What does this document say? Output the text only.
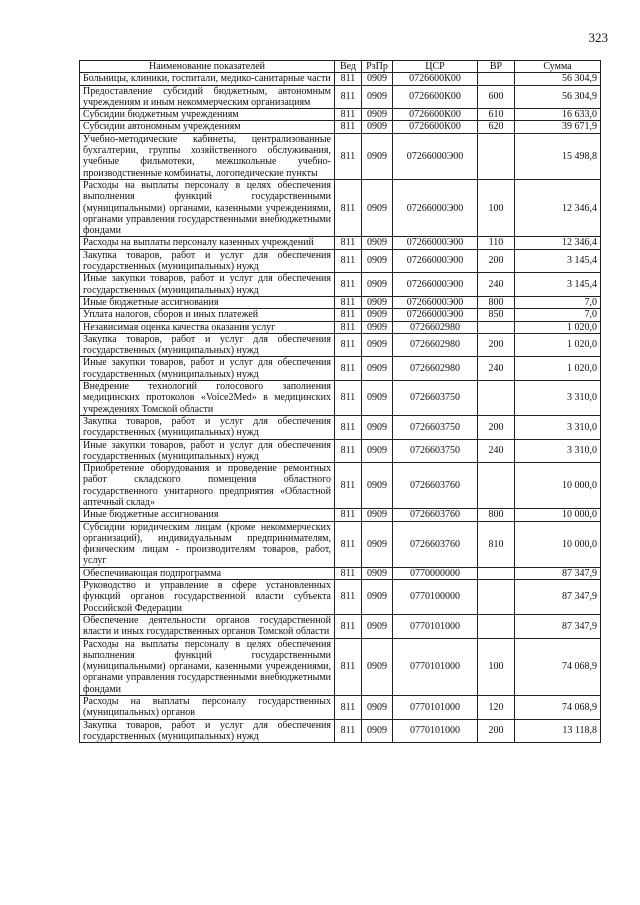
323
Наименование показателей	Вед	РзПр	ЦСР	ВР	Сумма
Больницы, клиники, госпитали, медико-санитарные части	811	0909	0726600К00		56 304,9
Предоставление субсидий бюджетным, автономным учреждениям и иным некоммерческим организациям	811	0909	0726600К00	600	56 304,9
Субсидии бюджетным учреждениям	811	0909	0726600К00	610	16 633,0
Субсидии автономным учреждениям	811	0909	0726600К00	620	39 671,9
Учебно-методические кабинеты, централизованные бухгалтерии, группы хозяйственного обслуживания, учебные фильмотеки, межшкольные учебно-производственные комбинаты, логопедические пункты	811	0909	07266000Э00		15 498,8
Расходы на выплаты персоналу в целях обеспечения выполнения функций государственными (муниципальными) органами, казенными учреждениями, органами управления государственными внебюджетными фондами	811	0909	07266000Э00	100	12 346,4
Расходы на выплаты персоналу казенных учреждений	811	0909	07266000Э00	110	12 346,4
Закупка товаров, работ и услуг для обеспечения государственных (муниципальных) нужд	811	0909	07266000Э00	200	3 145,4
Иные закупки товаров, работ и услуг для обеспечения государственных (муниципальных) нужд	811	0909	07266000Э00	240	3 145,4
Иные бюджетные ассигнования	811	0909	07266000Э00	800	7,0
Уплата налогов, сборов и иных платежей	811	0909	07266000Э00	850	7,0
Независимая оценка качества оказания услуг	811	0909	0726602980		1 020,0
Закупка товаров, работ и услуг для обеспечения государственных (муниципальных) нужд	811	0909	0726602980	200	1 020,0
Иные закупки товаров, работ и услуг для обеспечения государственных (муниципальных) нужд	811	0909	0726602980	240	1 020,0
Внедрение технологий голосового заполнения медицинских протоколов «Voice2Med» в медицинских учреждениях Томской области	811	0909	0726603750		3 310,0
Закупка товаров, работ и услуг для обеспечения государственных (муниципальных) нужд	811	0909	0726603750	200	3 310,0
Иные закупки товаров, работ и услуг для обеспечения государственных (муниципальных) нужд	811	0909	0726603750	240	3 310,0
Приобретение оборудования и проведение ремонтных работ складского помещения областного государственного унитарного предприятия «Областной аптечный склад»	811	0909	0726603760		10 000,0
Иные бюджетные ассигнования	811	0909	0726603760	800	10 000,0
Субсидии юридическим лицам (кроме некоммерческих организаций), индивидуальным предпринимателям, физическим лицам - производителям товаров, работ, услуг	811	0909	0726603760	810	10 000,0
Обеспечивающая подпрограмма	811	0909	0770000000		87 347,9
Руководство и управление в сфере установленных функций органов государственной власти субъекта Российской Федерации	811	0909	0770100000		87 347,9
Обеспечение деятельности органов государственной власти и иных государственных органов Томской области	811	0909	0770101000		87 347,9
Расходы на выплаты персоналу в целях обеспечения выполнения функций государственными (муниципальными) органами, казенными учреждениями, органами управления государственными внебюджетными фондами	811	0909	0770101000	100	74 068,9
Расходы на выплаты персоналу государственных (муниципальных) органов	811	0909	0770101000	120	74 068,9
Закупка товаров, работ и услуг для обеспечения государственных (муниципальных) нужд	811	0909	0770101000	200	13 118,8
